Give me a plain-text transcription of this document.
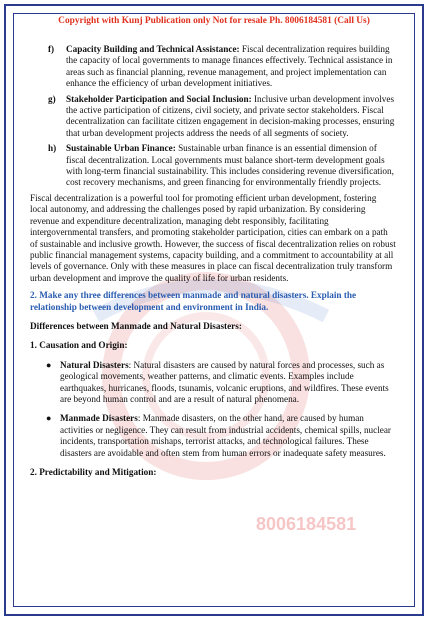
Copyright with Kunj Publication only Not for resale Ph. 8006184581 (Call Us)
8006184581
f)	Capacity Building and Technical Assistance: Fiscal decentralization requires building the capacity of local governments to manage finances effectively. Technical assistance in areas such as financial planning, revenue management, and project implementation can enhance the efficiency of urban development initiatives.
g)	Stakeholder Participation and Social Inclusion: Inclusive urban development involves the active participation of citizens, civil society, and private sector stakeholders. Fiscal decentralization can facilitate citizen engagement in decision-making processes, ensuring that urban development projects address the needs of all segments of society.
h)	Sustainable Urban Finance: Sustainable urban finance is an essential dimension of fiscal decentralization. Local governments must balance short-term development goals with long-term financial sustainability. This includes considering revenue diversification, cost recovery mechanisms, and green financing for environmentally friendly projects.

Fiscal decentralization is a powerful tool for promoting efficient urban development, fostering local autonomy, and addressing the challenges posed by rapid urbanization. By considering revenue and expenditure decentralization, managing debt responsibly, facilitating intergovernmental transfers, and promoting stakeholder participation, cities can embark on a path of sustainable and inclusive growth. However, the success of fiscal decentralization relies on robust public financial management systems, capacity building, and a commitment to accountability at all levels of governance. Only with these measures in place can fiscal decentralization truly transform urban development and improve the quality of life for urban residents.

2. Make any three differences between manmade and natural disasters. Explain the relationship between development and environment in India.

Differences between Manmade and Natural Disasters:

1. Causation and Origin:

● Natural Disasters: Natural disasters are caused by natural forces and processes, such as geological movements, weather patterns, and climatic events. Examples include earthquakes, hurricanes, floods, tsunamis, volcanic eruptions, and wildfires. These events are beyond human control and are a result of natural phenomena.
● Manmade Disasters: Manmade disasters, on the other hand, are caused by human activities or negligence. They can result from industrial accidents, chemical spills, nuclear incidents, transportation mishaps, terrorist attacks, and technological failures. These disasters are avoidable and often stem from human errors or inadequate safety measures.

2. Predictability and Mitigation:
